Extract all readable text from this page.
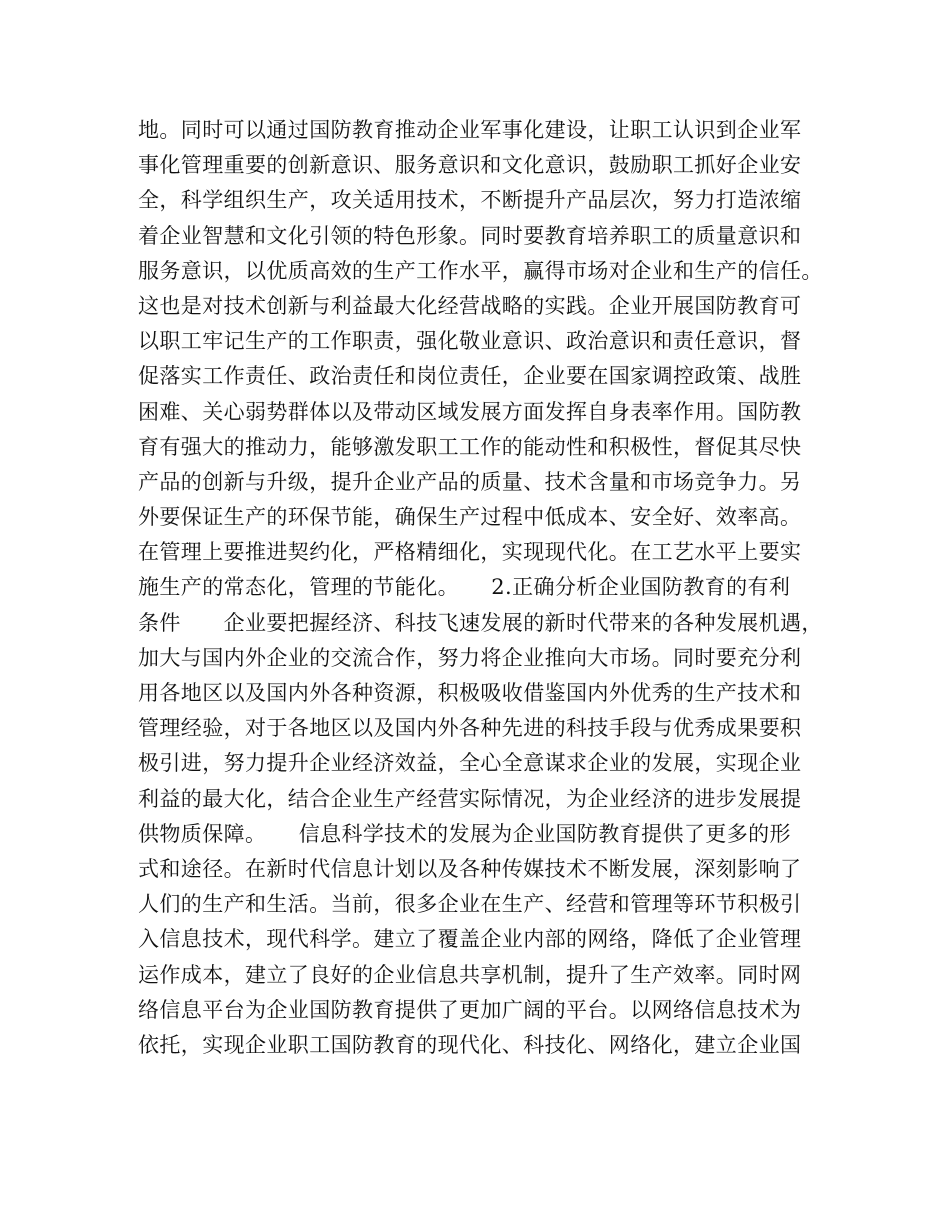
地。同时可以通过国防教育推动企业军事化建设，让职工认识到企业军
事化管理重要的创新意识、服务意识和文化意识，鼓励职工抓好企业安
全，科学组织生产，攻关适用技术，不断提升产品层次，努力打造浓缩
着企业智慧和文化引领的特色形象。同时要教育培养职工的质量意识和
服务意识，以优质高效的生产工作水平，赢得市场对企业和生产的信任。
这也是对技术创新与利益最大化经营战略的实践。企业开展国防教育可
以职工牢记生产的工作职责，强化敬业意识、政治意识和责任意识，督
促落实工作责任、政治责任和岗位责任，企业要在国家调控政策、战胜
困难、关心弱势群体以及带动区域发展方面发挥自身表率作用。国防教
育有强大的推动力，能够激发职工工作的能动性和积极性，督促其尽快
产品的创新与升级，提升企业产品的质量、技术含量和市场竞争力。另
外要保证生产的环保节能，确保生产过程中低成本、安全好、效率高。
在管理上要推进契约化，严格精细化，实现现代化。在工艺水平上要实
施生产的常态化，管理的节能化。　　2.正确分析企业国防教育的有利
条件　　企业要把握经济、科技飞速发展的新时代带来的各种发展机遇，
加大与国内外企业的交流合作，努力将企业推向大市场。同时要充分利
用各地区以及国内外各种资源，积极吸收借鉴国内外优秀的生产技术和
管理经验，对于各地区以及国内外各种先进的科技手段与优秀成果要积
极引进，努力提升企业经济效益，全心全意谋求企业的发展，实现企业
利益的最大化，结合企业生产经营实际情况，为企业经济的进步发展提
供物质保障。　　信息科学技术的发展为企业国防教育提供了更多的形
式和途径。在新时代信息计划以及各种传媒技术不断发展，深刻影响了
人们的生产和生活。当前，很多企业在生产、经营和管理等环节积极引
入信息技术，现代科学。建立了覆盖企业内部的网络，降低了企业管理
运作成本，建立了良好的企业信息共享机制，提升了生产效率。同时网
络信息平台为企业国防教育提供了更加广阔的平台。以网络信息技术为
依托，实现企业职工国防教育的现代化、科技化、网络化，建立企业国
